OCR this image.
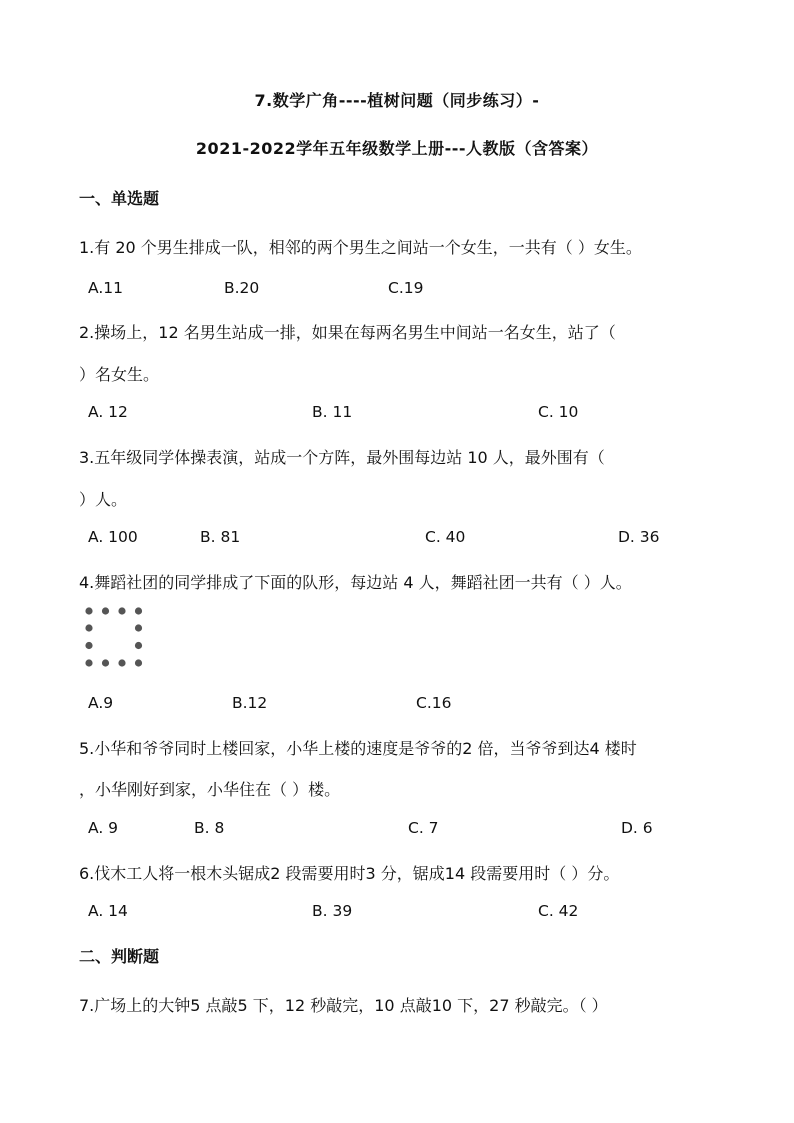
7.数学广角----植树问题（同步练习）-
2021-2022学年五年级数学上册---人教版（含答案）
一、单选题
1.有 20 个男生排成一队，相邻的两个男生之间站一个女生，一共有（ ）女生。
A.11	B.20	C.19
2.操场上，12 名男生站成一排，如果在每两名男生中间站一名女生，站了（
）名女生。
A. 12	B. 11	C. 10
3.五年级同学体操表演，站成一个方阵，最外围每边站 10 人，最外围有（
）人。
A. 100	B. 81	C. 40	D. 36
4.舞蹈社团的同学排成了下面的队形，每边站 4 人，舞蹈社团一共有（ ）人。
A.9	B.12	C.16
5.小华和爷爷同时上楼回家，小华上楼的速度是爷爷的2 倍，当爷爷到达4 楼时
，小华刚好到家，小华住在（ ）楼。
A. 9	B. 8	C. 7	D. 6
6.伐木工人将一根木头锯成2 段需要用时3 分，锯成14 段需要用时（ ）分。
A. 14	B. 39	C. 42
二、判断题
7.广场上的大钟5 点敲5 下，12 秒敲完，10 点敲10 下，27 秒敲完。（ ）
